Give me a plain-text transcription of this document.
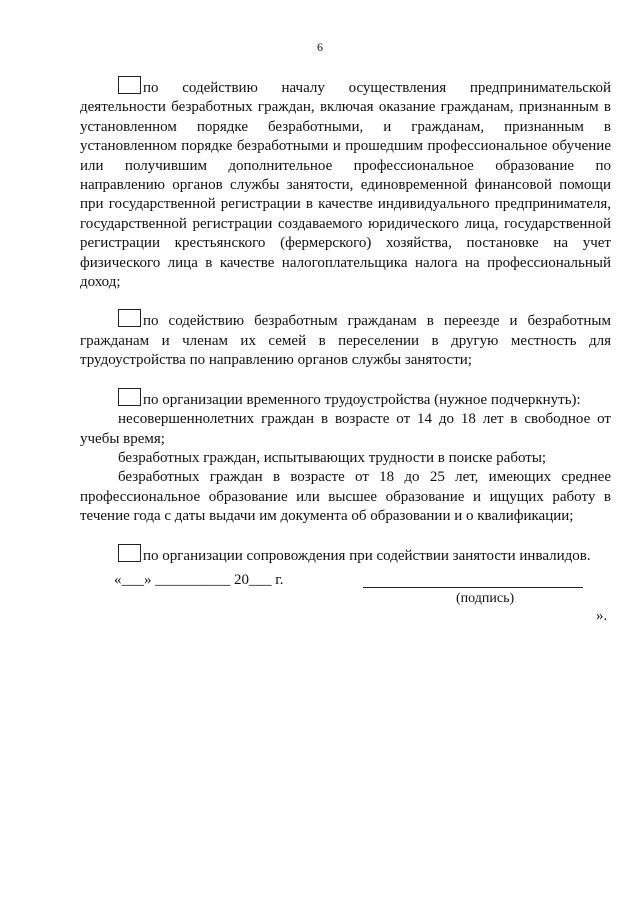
6

по содействию началу осуществления предпринимательской деятельности безработных граждан, включая оказание гражданам, признанным в установленном порядке безработными, и гражданам, признанным в установленном порядке безработными и прошедшим профессиональное обучение или получившим дополнительное профессиональное образование по направлению органов службы занятости, единовременной финансовой помощи при государственной регистрации в качестве индивидуального предпринимателя, государственной регистрации создаваемого юридического лица, государственной регистрации крестьянского (фермерского) хозяйства, постановке на учет физического лица в качестве налогоплательщика налога на профессиональный доход;

по содействию безработным гражданам в переезде и безработным гражданам и членам их семей в переселении в другую местность для трудоустройства по направлению органов службы занятости;

по организации временного трудоустройства (нужное подчеркнуть):

несовершеннолетних граждан в возрасте от 14 до 18 лет в свободное от учебы время;

безработных граждан, испытывающих трудности в поиске работы;

безработных граждан в возрасте от 18 до 25 лет, имеющих среднее профессиональное образование или высшее образование и ищущих работу в течение года с даты выдачи им документа об образовании и о квалификации;

по организации сопровождения при содействии занятости инвалидов.

«___» __________ 20___ г.
(подпись)
».
